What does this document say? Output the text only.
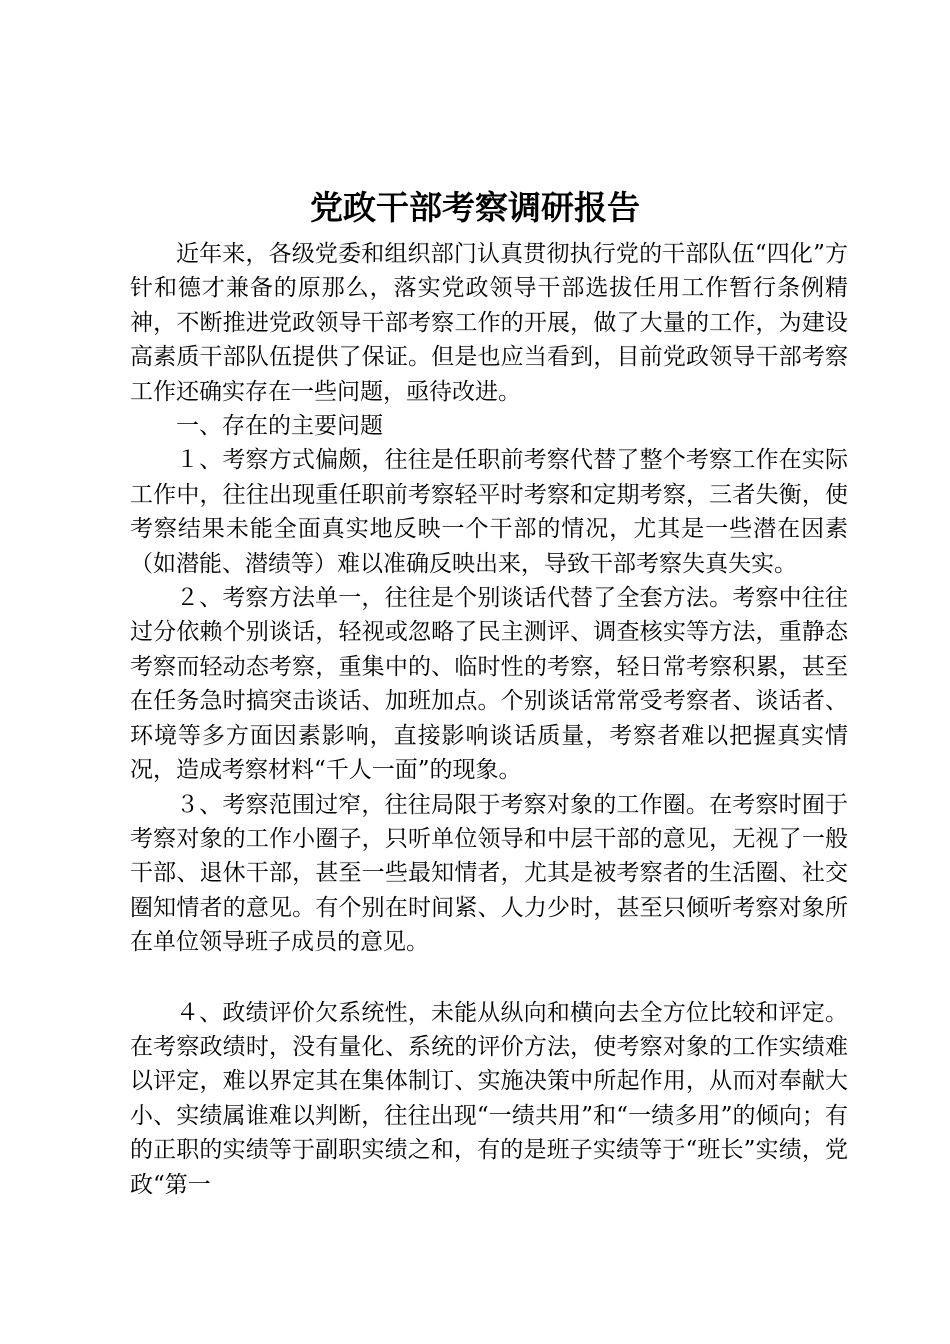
党政干部考察调研报告

近年来，各级党委和组织部门认真贯彻执行党的干部队伍“四化”方针和德才兼备的原那么，落实党政领导干部选拔任用工作暂行条例精神，不断推进党政领导干部考察工作的开展，做了大量的工作，为建设高素质干部队伍提供了保证。但是也应当看到，目前党政领导干部考察工作还确实存在一些问题，亟待改进。

一、存在的主要问题

１、考察方式偏颇，往往是任职前考察代替了整个考察工作在实际工作中，往往出现重任职前考察轻平时考察和定期考察，三者失衡，使考察结果未能全面真实地反映一个干部的情况，尤其是一些潜在因素（如潜能、潜绩等）难以准确反映出来，导致干部考察失真失实。

２、考察方法单一，往往是个别谈话代替了全套方法。考察中往往过分依赖个别谈话，轻视或忽略了民主测评、调查核实等方法，重静态考察而轻动态考察，重集中的、临时性的考察，轻日常考察积累，甚至在任务急时搞突击谈话、加班加点。个别谈话常常受考察者、谈话者、环境等多方面因素影响，直接影响谈话质量，考察者难以把握真实情况，造成考察材料“千人一面”的现象。

３、考察范围过窄，往往局限于考察对象的工作圈。在考察时囿于考察对象的工作小圈子，只听单位领导和中层干部的意见，无视了一般干部、退休干部，甚至一些最知情者，尤其是被考察者的生活圈、社交圈知情者的意见。有个别在时间紧、人力少时，甚至只倾听考察对象所在单位领导班子成员的意见。

４、政绩评价欠系统性，未能从纵向和横向去全方位比较和评定。在考察政绩时，没有量化、系统的评价方法，使考察对象的工作实绩难以评定，难以界定其在集体制订、实施决策中所起作用，从而对奉献大小、实绩属谁难以判断，往往出现“一绩共用”和“一绩多用”的倾向；有的正职的实绩等于副职实绩之和，有的是班子实绩等于“班长”实绩，党政“第一
